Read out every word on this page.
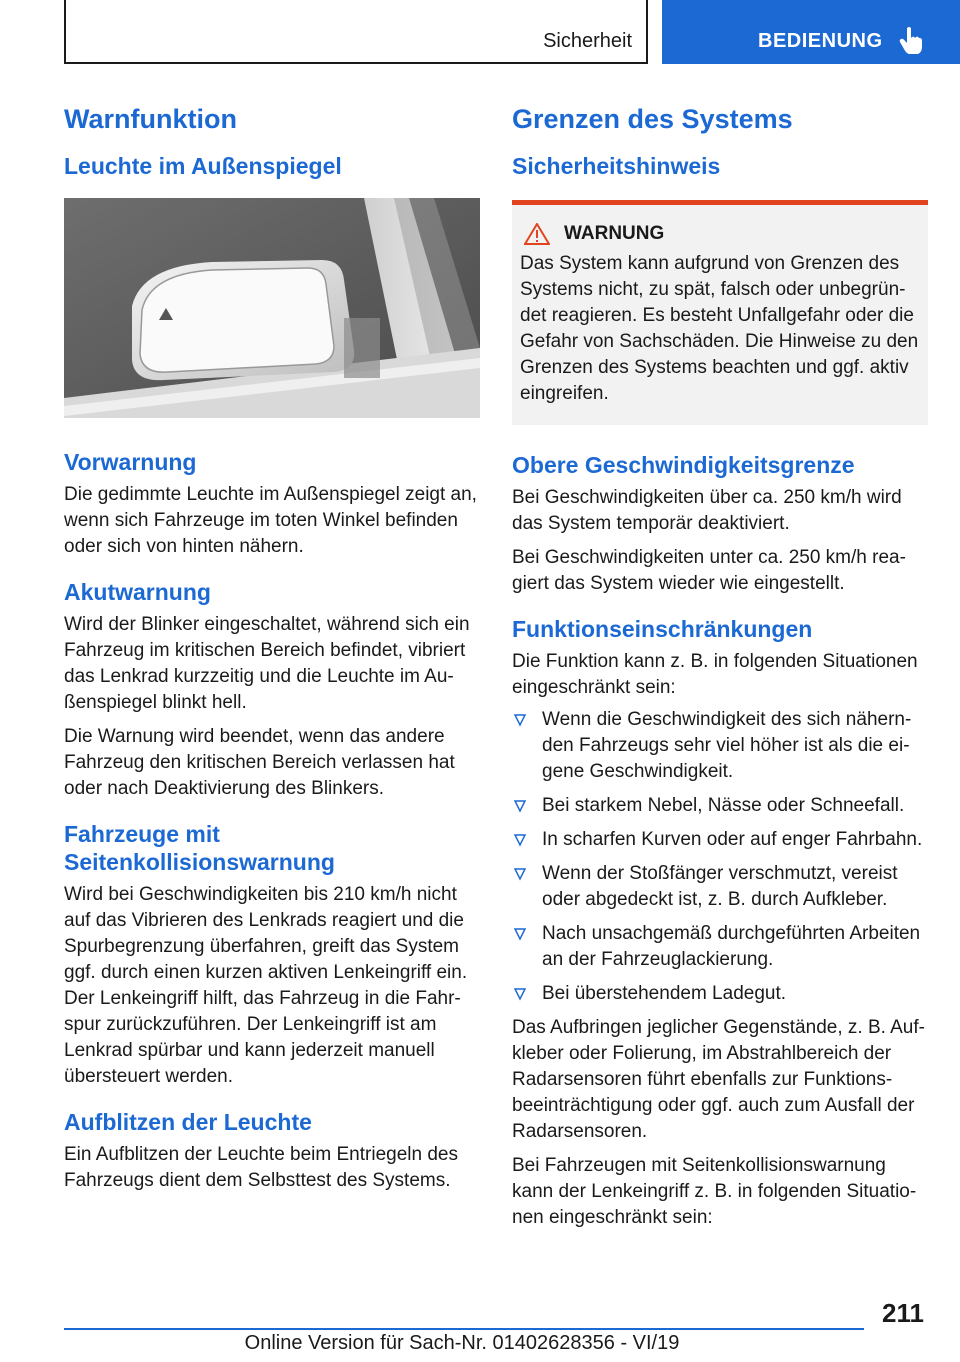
Sicherheit	BEDIENUNG
Warnfunktion
Leuchte im Außenspiegel
Vorwarnung

Die gedimmte Leuchte im Außenspiegel zeigt an, wenn sich Fahrzeuge im toten Winkel befinden oder sich von hinten nähern.

Akutwarnung

Wird der Blinker eingeschaltet, während sich ein Fahrzeug im kritischen Bereich befindet, vibriert das Lenkrad kurzzeitig und die Leuchte im Außenspiegel blinkt hell.

Die Warnung wird beendet, wenn das andere Fahrzeug den kritischen Bereich verlassen hat oder nach Deaktivierung des Blinkers.

Fahrzeuge mit
Seitenkollisionswarnung

Wird bei Geschwindigkeiten bis 210 km/h nicht auf das Vibrieren des Lenkrads reagiert und die Spurbegrenzung überfahren, greift das System ggf. durch einen kurzen aktiven Lenkeingriff ein. Der Lenkeingriff hilft, das Fahrzeug in die Fahrspur zurückzuführen. Der Lenkeingriff ist am Lenkrad spürbar und kann jederzeit manuell übersteuert werden.

Aufblitzen der Leuchte

Ein Aufblitzen der Leuchte beim Entriegeln des Fahrzeugs dient dem Selbsttest des Systems.

Grenzen des Systems
Sicherheitshinweis
WARNUNG
Das System kann aufgrund von Grenzen des Systems nicht, zu spät, falsch oder unbegründet reagieren. Es besteht Unfallgefahr oder die Gefahr von Sachschäden. Die Hinweise zu den Grenzen des Systems beachten und ggf. aktiv eingreifen.
Obere Geschwindigkeitsgrenze

Bei Geschwindigkeiten über ca. 250 km/h wird das System temporär deaktiviert.

Bei Geschwindigkeiten unter ca. 250 km/h reagiert das System wieder wie eingestellt.

Funktionseinschränkungen

Die Funktion kann z. B. in folgenden Situationen eingeschränkt sein:

Wenn die Geschwindigkeit des sich nähernden Fahrzeugs sehr viel höher ist als die eigene Geschwindigkeit.
Bei starkem Nebel, Nässe oder Schneefall.
In scharfen Kurven oder auf enger Fahrbahn.
Wenn der Stoßfänger verschmutzt, vereist oder abgedeckt ist, z. B. durch Aufkleber.
Nach unsachgemäß durchgeführten Arbeiten an der Fahrzeuglackierung.
Bei überstehendem Ladegut.

Das Aufbringen jeglicher Gegenstände, z. B. Aufkleber oder Folierung, im Abstrahlbereich der Radarsensoren führt ebenfalls zur Funktionsbeeinträchtigung oder ggf. auch zum Ausfall der Radarsensoren.

Bei Fahrzeugen mit Seitenkollisionswarnung kann der Lenkeingriff z. B. in folgenden Situationen eingeschränkt sein:

211
Online Version für Sach-Nr. 01402628356 - VI/19
